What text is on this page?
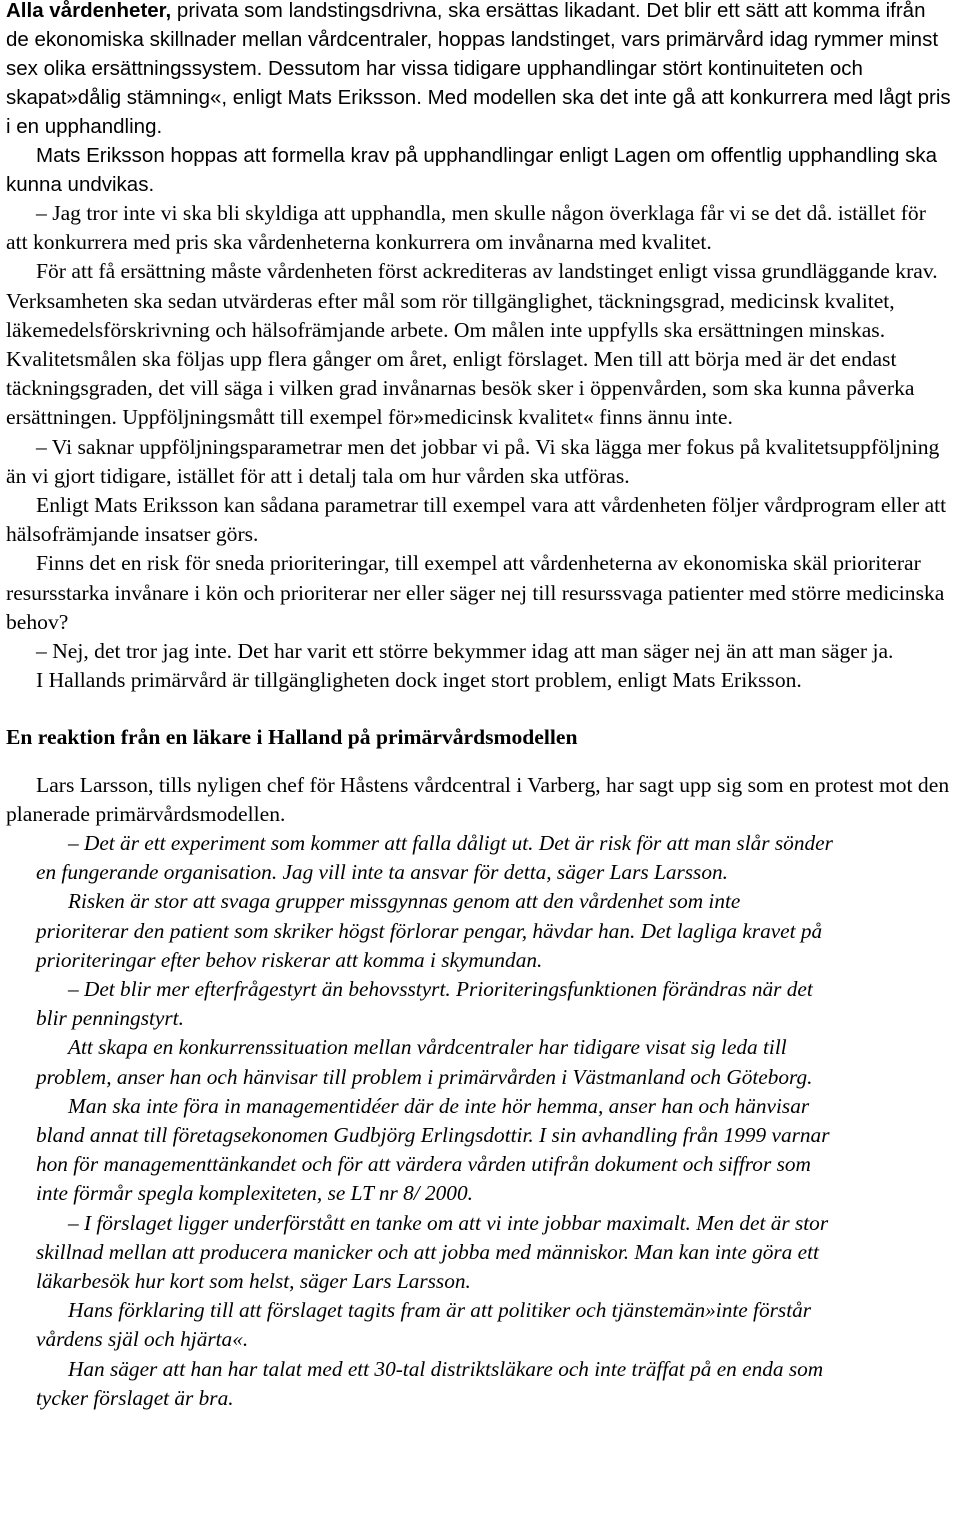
Alla vårdenheter, privata som landstingsdrivna, ska ersättas likadant. Det blir ett sätt att komma ifrån de ekonomiska skillnader mellan vårdcentraler, hoppas landstinget, vars primärvård idag rymmer minst sex olika ersättningssystem. Dessutom har vissa tidigare upphandlingar stört kontinuiteten och skapat»dålig stämning«, enligt Mats Eriksson. Med modellen ska det inte gå att konkurrera med lågt pris i en upphandling.

Mats Eriksson hoppas att formella krav på upphandlingar enligt Lagen om offentlig upphandling ska kunna undvikas.

– Jag tror inte vi ska bli skyldiga att upphandla, men skulle någon överklaga får vi se det då. istället för att konkurrera med pris ska vårdenheterna konkurrera om invånarna med kvalitet.

För att få ersättning måste vårdenheten först ackrediteras av landstinget enligt vissa grundläggande krav. Verksamheten ska sedan utvärderas efter mål som rör tillgänglighet, täckningsgrad, medicinsk kvalitet, läkemedelsförskrivning och hälsofrämjande arbete. Om målen inte uppfylls ska ersättningen minskas. Kvalitetsmålen ska följas upp flera gånger om året, enligt förslaget. Men till att börja med är det endast täckningsgraden, det vill säga i vilken grad invånarnas besök sker i öppenvården, som ska kunna påverka ersättningen. Uppföljningsmått till exempel för»medicinsk kvalitet« finns ännu inte.

– Vi saknar uppföljningsparametrar men det jobbar vi på. Vi ska lägga mer fokus på kvalitetsuppföljning än vi gjort tidigare, istället för att i detalj tala om hur vården ska utföras.

Enligt Mats Eriksson kan sådana parametrar till exempel vara att vårdenheten följer vårdprogram eller att hälsofrämjande insatser görs.

Finns det en risk för sneda prioriteringar, till exempel att vårdenheterna av ekonomiska skäl prioriterar resursstarka invånare i kön och prioriterar ner eller säger nej till resurssvaga patienter med större medicinska behov?

– Nej, det tror jag inte. Det har varit ett större bekymmer idag att man säger nej än att man säger ja.

I Hallands primärvård är tillgängligheten dock inget stort problem, enligt Mats Eriksson.

En reaktion från en läkare i Halland på primärvårdsmodellen

Lars Larsson, tills nyligen chef för Håstens vårdcentral i Varberg, har sagt upp sig som en protest mot den planerade primärvårdsmodellen.

– Det är ett experiment som kommer att falla dåligt ut. Det är risk för att man slår sönder en fungerande organisation. Jag vill inte ta ansvar för detta, säger Lars Larsson.

Risken är stor att svaga grupper missgynnas genom att den vårdenhet som inte prioriterar den patient som skriker högst förlorar pengar, hävdar han. Det lagliga kravet på prioriteringar efter behov riskerar att komma i skymundan.

– Det blir mer efterfrågestyrt än behovsstyrt. Prioriteringsfunktionen förändras när det blir penningstyrt.

Att skapa en konkurrenssituation mellan vårdcentraler har tidigare visat sig leda till problem, anser han och hänvisar till problem i primärvården i Västmanland och Göteborg.

Man ska inte föra in managementidéer där de inte hör hemma, anser han och hänvisar bland annat till företagsekonomen Gudbjörg Erlingsdottir. I sin avhandling från 1999 varnar hon för managementtänkandet och för att värdera vården utifrån dokument och siffror som inte förmår spegla komplexiteten, se LT nr 8/ 2000.

– I förslaget ligger underförstått en tanke om att vi inte jobbar maximalt. Men det är stor skillnad mellan att producera manicker och att jobba med människor. Man kan inte göra ett läkarbesök hur kort som helst, säger Lars Larsson.

Hans förklaring till att förslaget tagits fram är att politiker och tjänstemän»inte förstår vårdens själ och hjärta«.

Han säger att han har talat med ett 30-tal distriktsläkare och inte träffat på en enda som tycker förslaget är bra.
